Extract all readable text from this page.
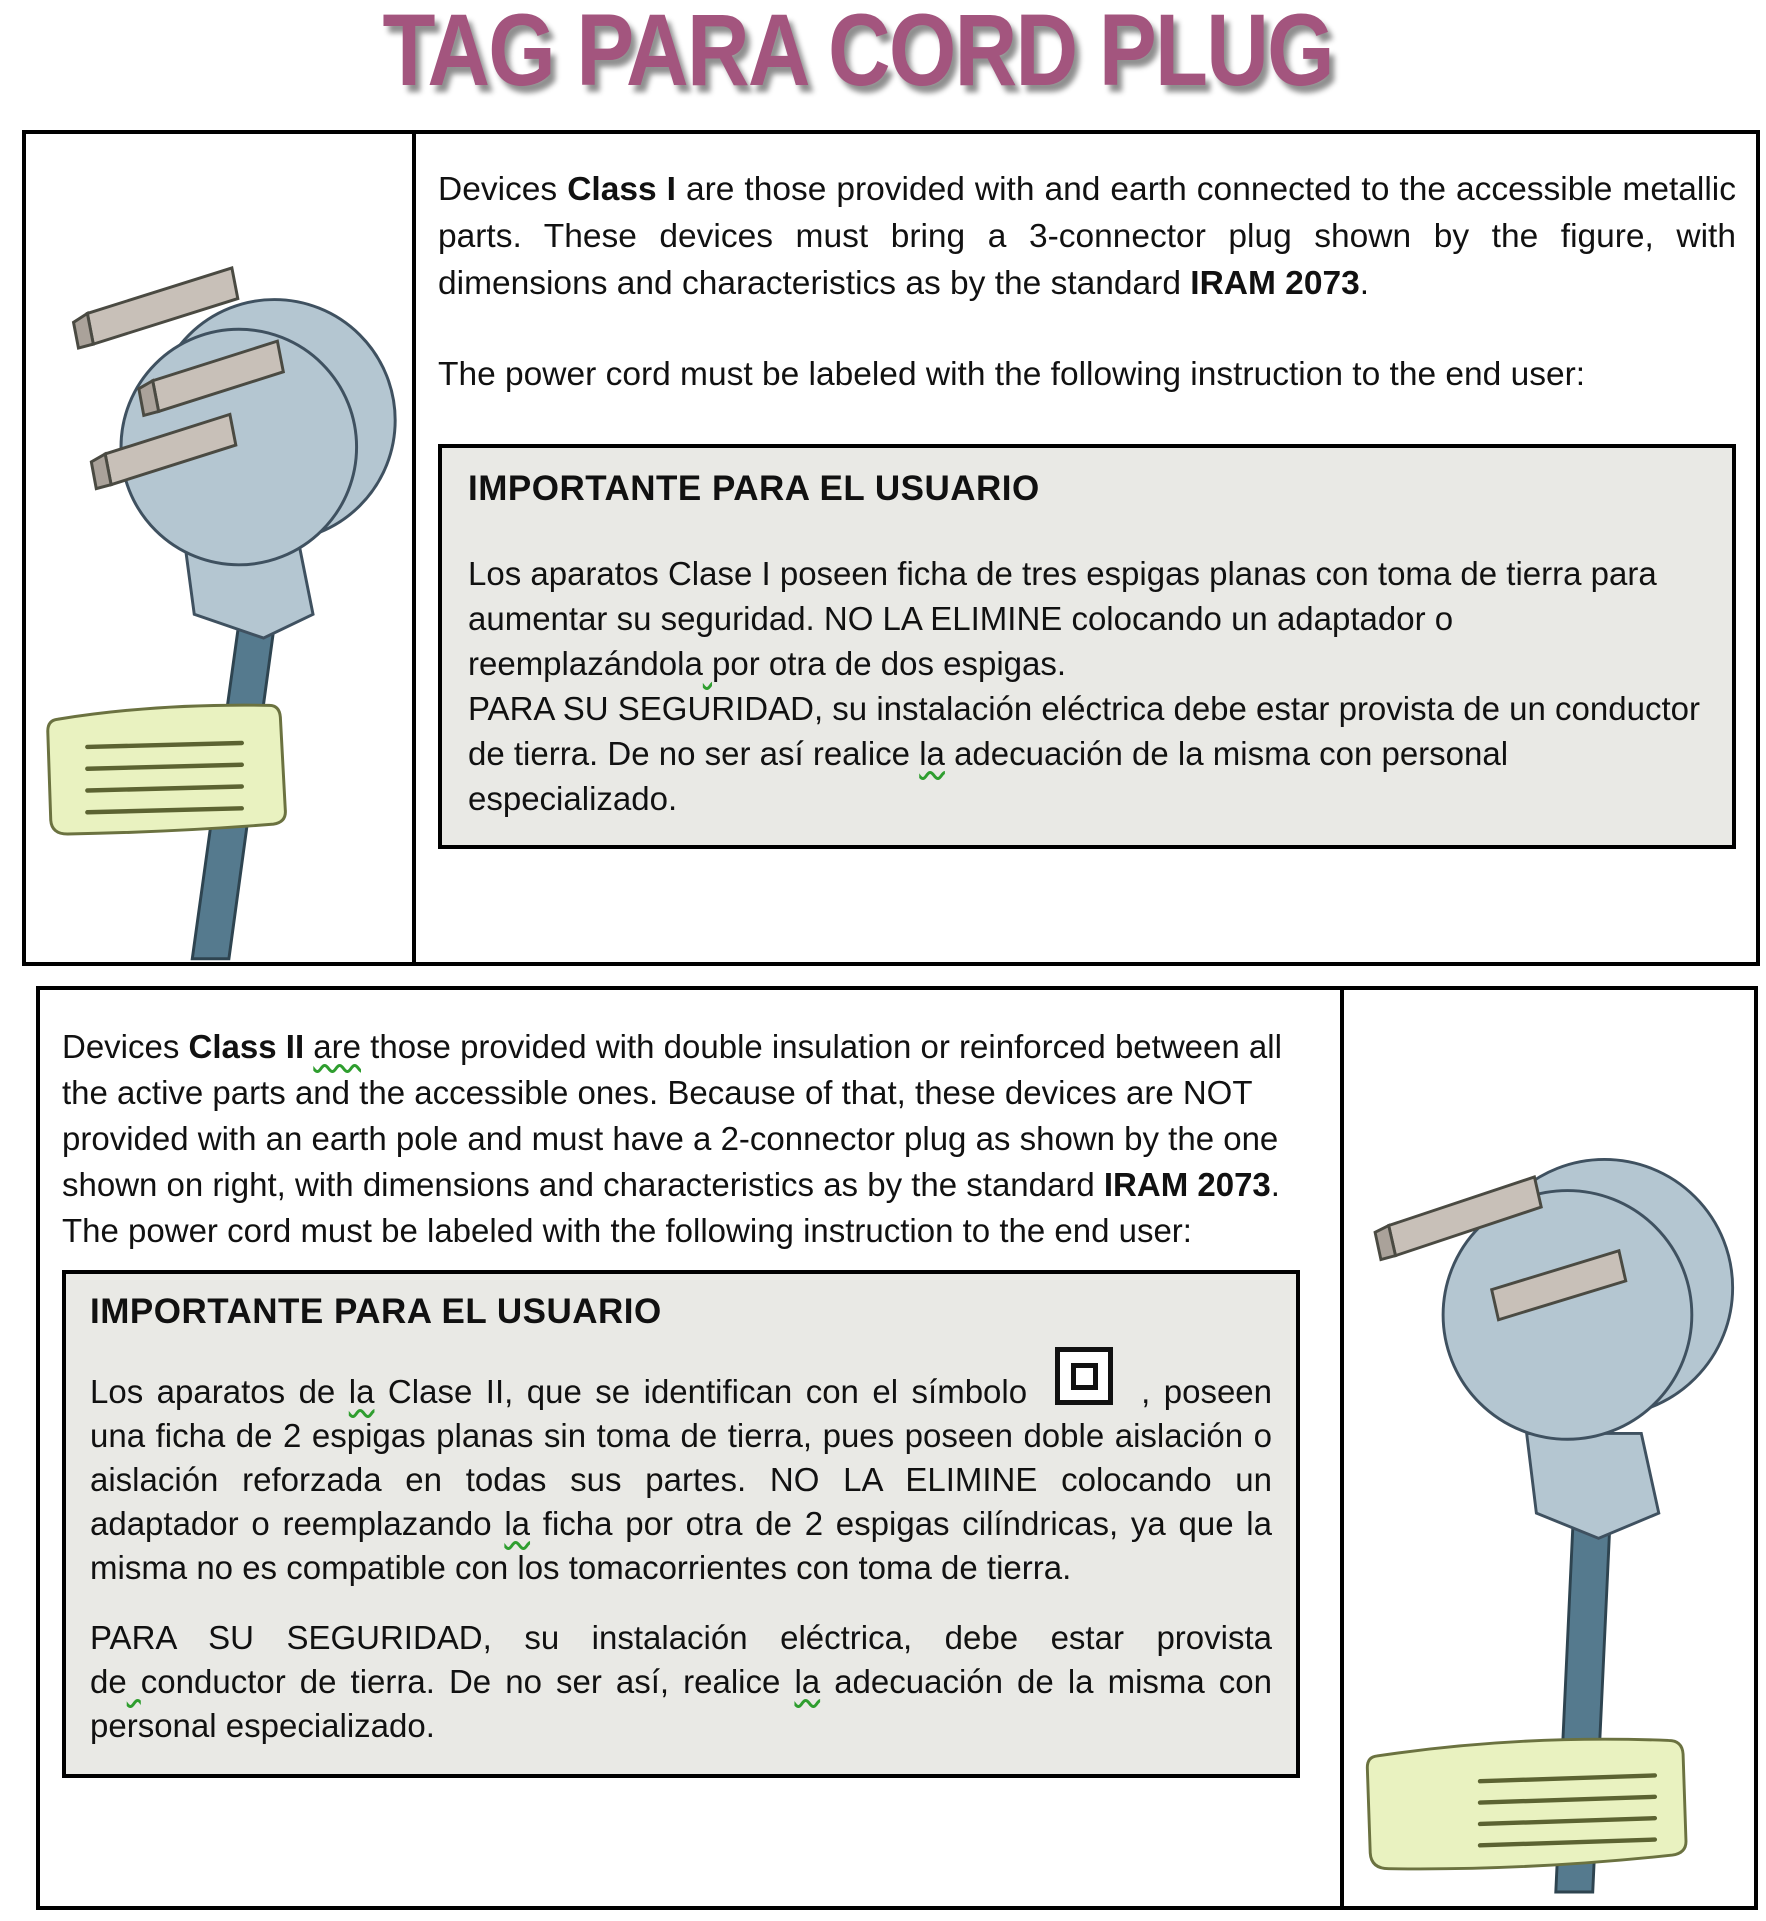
TAG PARA CORD PLUG

Devices Class I are those provided with and earth connected to the accessible metallic parts. These devices must bring a 3-connector plug shown by the figure, with dimensions and characteristics as by the standard IRAM 2073.

The power cord must be labeled with the following instruction to the end user:

IMPORTANTE PARA EL USUARIO

Los aparatos Clase I poseen ficha de tres espigas planas con toma de tierra para aumentar su seguridad. NO LA ELIMINE colocando un adaptador o reemplazándola por otra de dos espigas.
PARA SU SEGURIDAD, su instalación eléctrica debe estar provista de un conductor de tierra. De no ser así realice la adecuación de la misma con personal especializado.

Devices Class II are those provided with double insulation or reinforced between all the active parts and the accessible ones. Because of that, these devices are NOT provided with an earth pole and must have a 2-connector plug as shown by the one shown on right, with dimensions and characteristics as by the standard IRAM 2073.

The power cord must be labeled with the following instruction to the end user:

IMPORTANTE PARA EL USUARIO

Los aparatos de la Clase II, que se identifican con el símbolo	, poseen una ficha de 2 espigas planas sin toma de tierra, pues poseen doble aislación o aislación reforzada en todas sus partes. NO LA ELIMINE colocando un adaptador o reemplazando la ficha por otra de 2 espigas cilíndricas, ya que la misma no es compatible con los tomacorrientes con toma de tierra.

PARA SU SEGURIDAD, su instalación eléctrica, debe estar provista de conductor de tierra. De no ser así, realice la adecuación de la misma con personal especializado.
